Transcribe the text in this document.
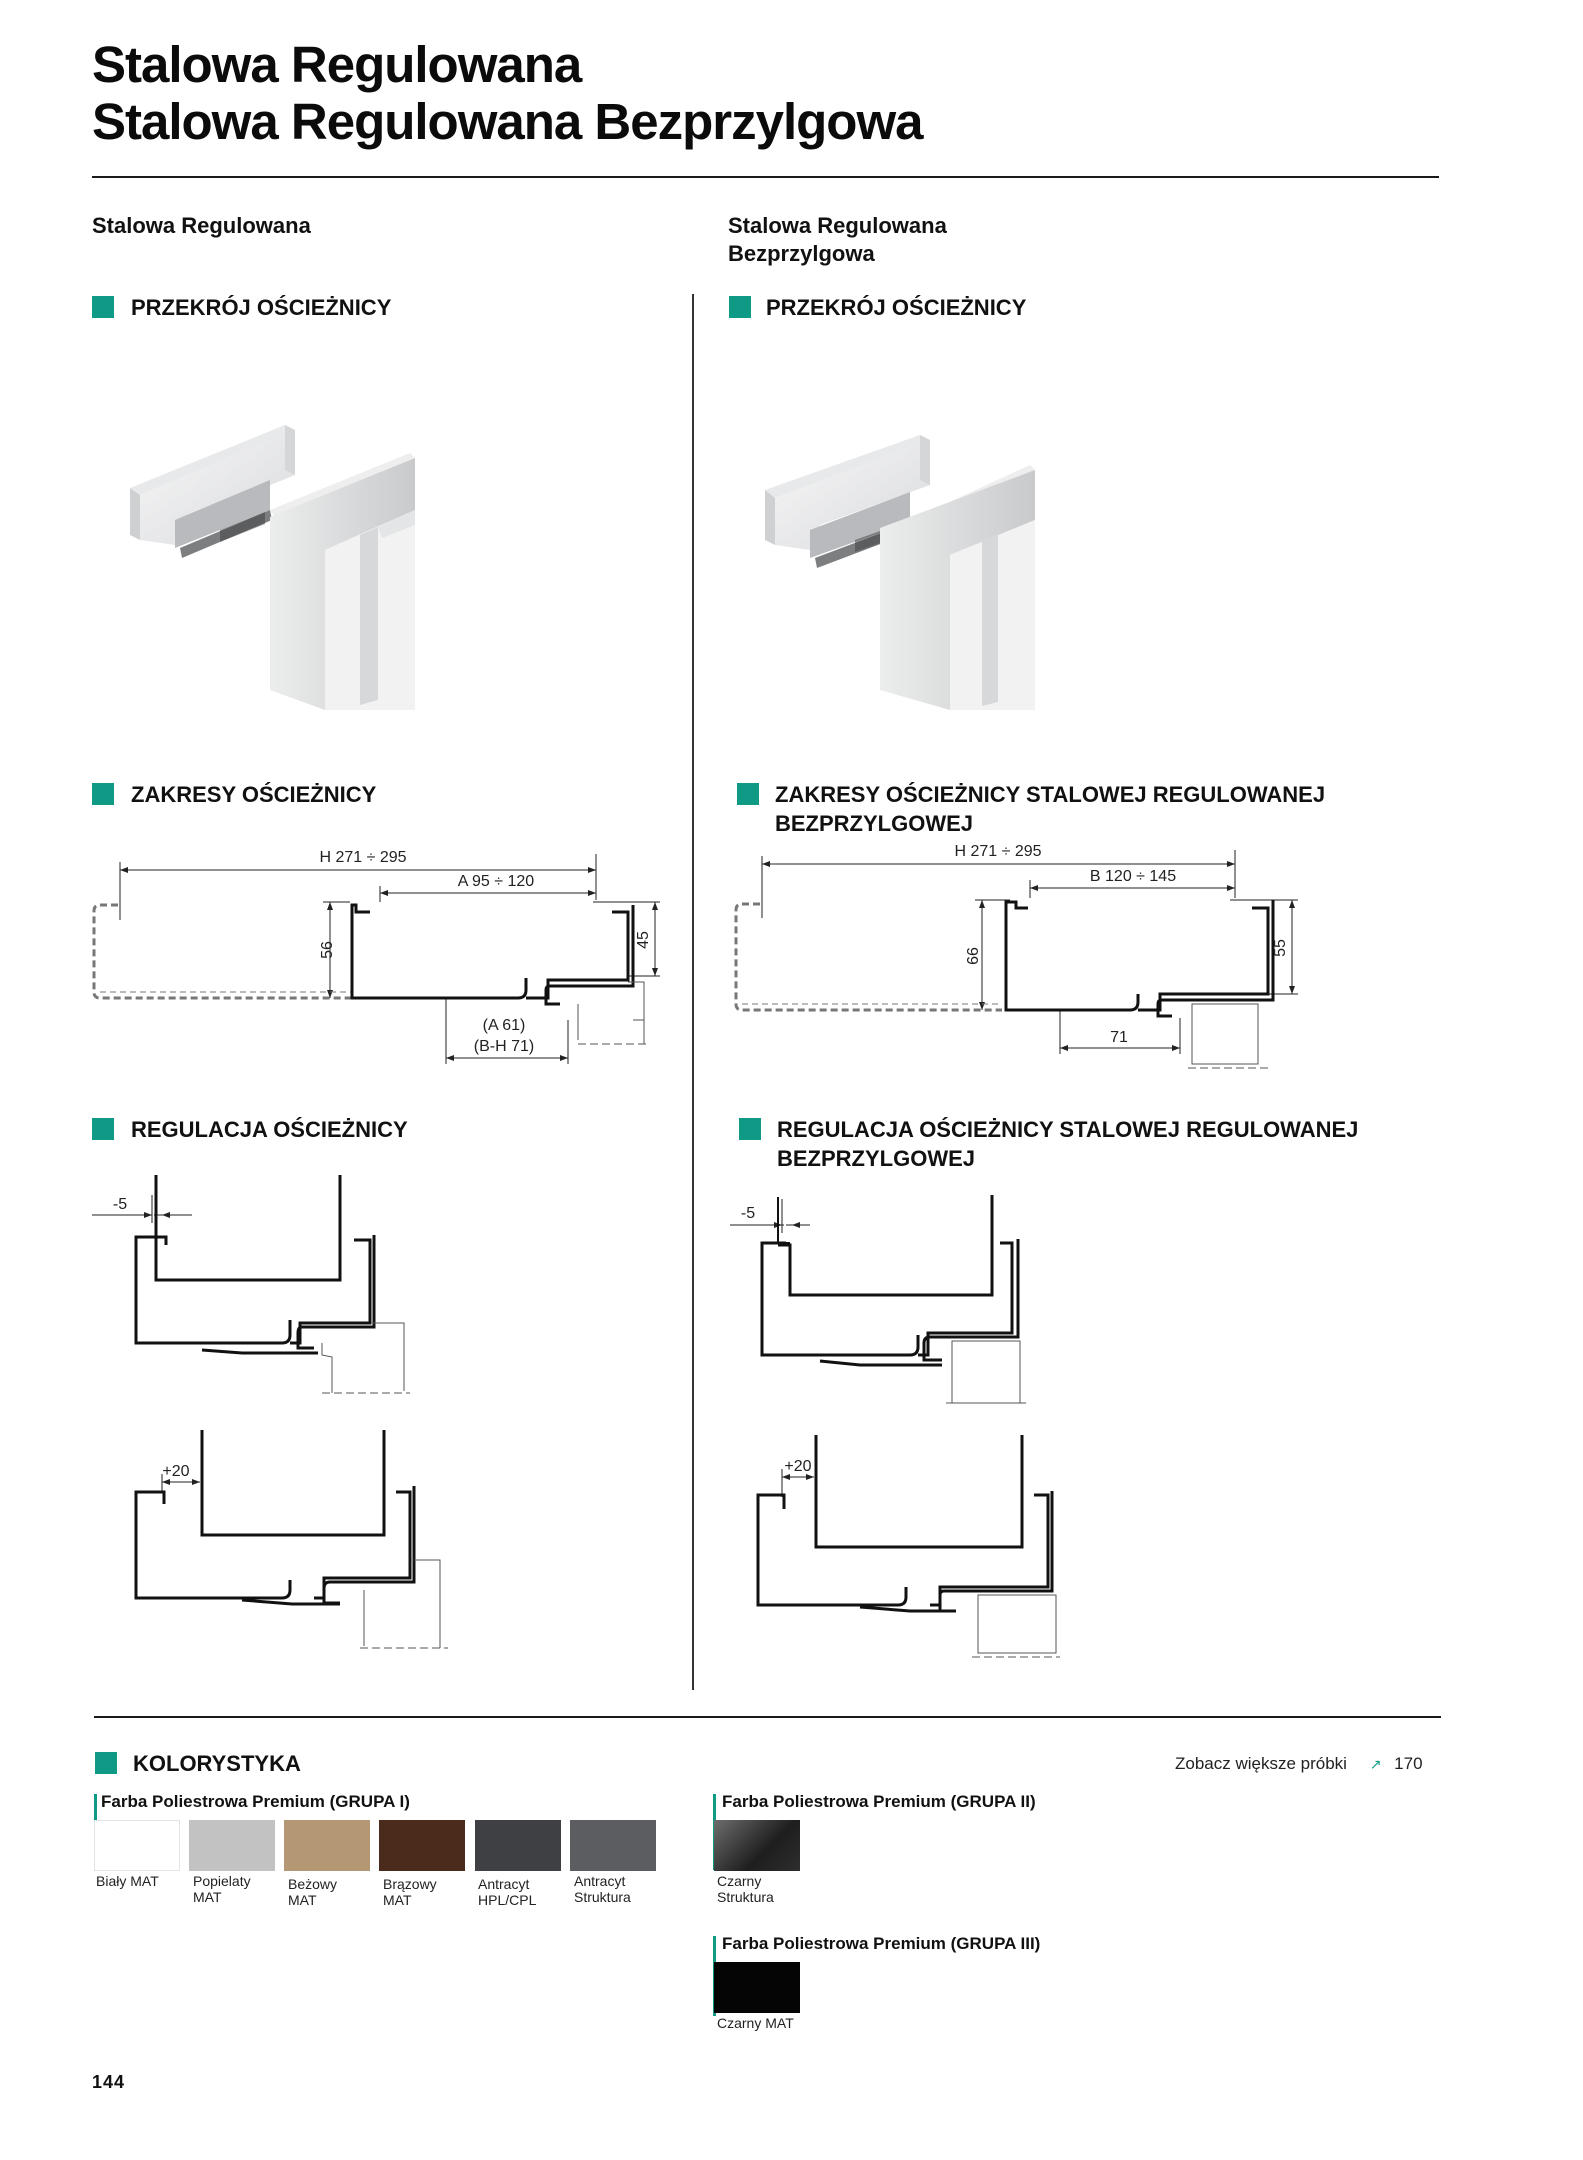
Stalowa Regulowana
Stalowa Regulowana Bezprzylgowa
Stalowa Regulowana	Stalowa Regulowana
Bezprzylgowa
PRZEKRÓJ OŚCIEŻNICY	PRZEKRÓJ OŚCIEŻNICY
ZAKRESY OŚCIEŻNICY	ZAKRESY OŚCIEŻNICY STALOWEJ REGULOWANEJ
BEZPRZYLGOWEJ
H 271 ÷ 295
A 95 ÷ 120
(A 61)
(B-H 71)
56
45
H 271 ÷ 295
B 120 ÷ 145
71
66	55
REGULACJA OŚCIEŻNICY	REGULACJA OŚCIEŻNICY STALOWEJ REGULOWANEJ
BEZPRZYLGOWEJ
-5
+20
-5
+20
KOLORYSTYKA	Zobacz większe próbki ↗ 170
Farba Poliestrowa Premium (GRUPA I)
Biały MAT Popielaty
MAT
Beżowy
MAT
Brązowy
MAT
Antracyt
HPL/CPL
Antracyt
Struktura
Farba Poliestrowa Premium (GRUPA II)
Czarny
Struktura
Farba Poliestrowa Premium (GRUPA III)
Czarny MAT
144
